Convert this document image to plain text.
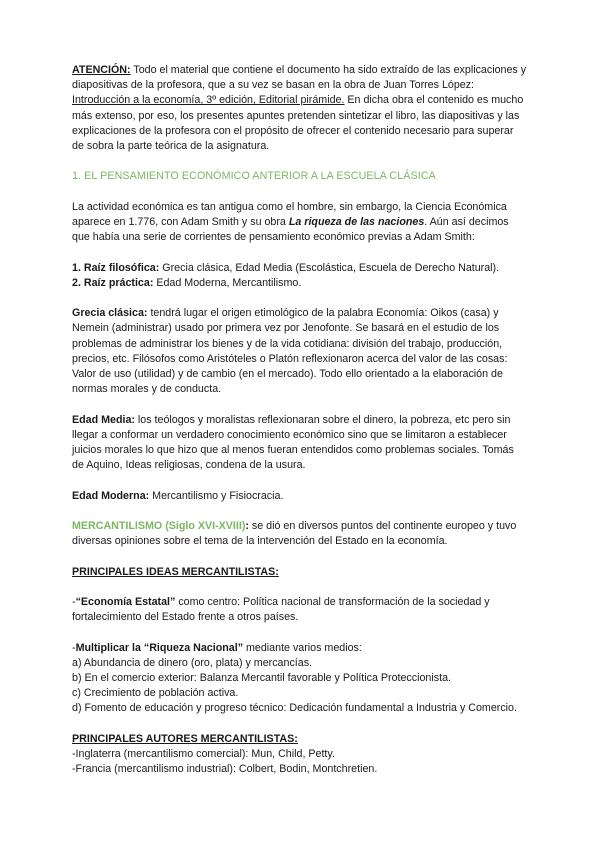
ATENCIÓN: Todo el material que contiene el documento ha sido extraído de las explicaciones y diapositivas de la profesora, que a su vez se basan en la obra de Juan Torres López: Introducción a la economía, 3º edición, Editorial pirámide. En dicha obra el contenido es mucho más extenso, por eso, los presentes apuntes pretenden sintetizar el libro, las diapositivas y las explicaciones de la profesora con el propósito de ofrecer el contenido necesario para superar de sobra la parte teórica de la asignatura.

1. EL PENSAMIENTO ECONÓMICO ANTERIOR A LA ESCUELA CLÁSICA

La actividad económica es tan antigua como el hombre, sin embargo, la Ciencia Económica aparece en 1.776, con Adam Smith y su obra La riqueza de las naciones. Aún así decimos que había una serie de corrientes de pensamiento económico previas a Adam Smith:

1. Raíz filosófica: Grecia clásica, Edad Media (Escolástica, Escuela de Derecho Natural).

2. Raíz práctica: Edad Moderna, Mercantilismo.

Grecia clásica: tendrá lugar el origen etimológico de la palabra Economía: Oikos (casa) y Nemein (administrar) usado por primera vez por Jenofonte. Se basará en el estudio de los problemas de administrar los bienes y de la vida cotidiana: división del trabajo, producción, precios, etc. Filósofos como Aristóteles o Platón reflexionaron acerca del valor de las cosas: Valor de uso (utilidad) y de cambio (en el mercado). Todo ello orientado a la elaboración de normas morales y de conducta.

Edad Media: los teólogos y moralistas reflexionaran sobre el dinero, la pobreza, etc pero sin llegar a conformar un verdadero conocimiento económico sino que se limitaron a establecer juicios morales lo que hizo que al menos fueran entendidos como problemas sociales. Tomás de Aquino, Ideas religiosas, condena de la usura.

Edad Moderna: Mercantilismo y Fisiocracia.

MERCANTILISMO (Siglo XVI-XVIII): se dió en diversos puntos del continente europeo y tuvo diversas opiniones sobre el tema de la intervención del Estado en la economía.

PRINCIPALES IDEAS MERCANTILISTAS:

-“Economía Estatal” como centro: Política nacional de transformación de la sociedad y fortalecimiento del Estado frente a otros países.

-Multiplicar la “Riqueza Nacional” mediante varios medios:

a) Abundancia de dinero (oro, plata) y mercancías.

b) En el comercio exterior: Balanza Mercantil favorable y Política Proteccionista.

c) Crecimiento de población activa.

d) Fomento de educación y progreso técnico: Dedicación fundamental a Industria y Comercio.

PRINCIPALES AUTORES MERCANTILISTAS:

-Inglaterra (mercantilismo comercial): Mun, Child, Petty.

-Francia (mercantilismo industrial): Colbert, Bodin, Montchretien.
